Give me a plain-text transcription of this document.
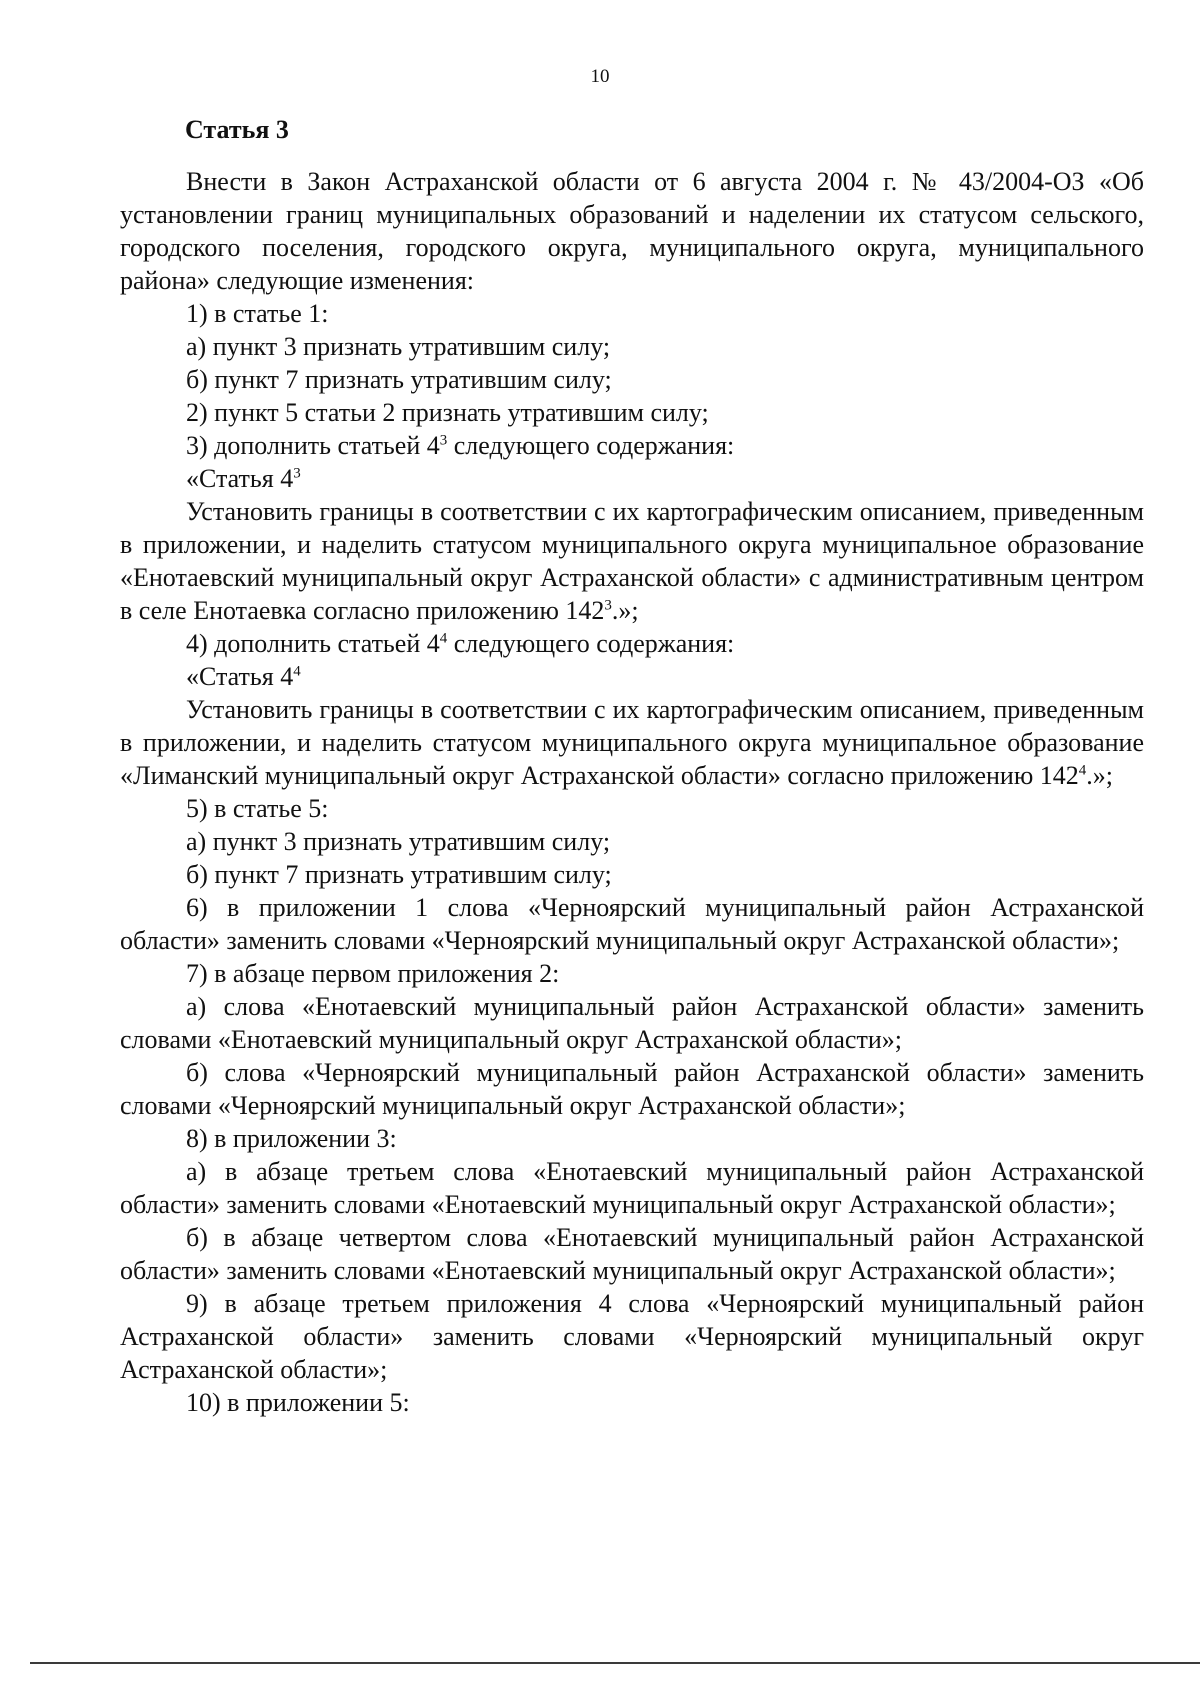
10
Статья 3

Внести в Закон Астраханской области от 6 августа 2004 г. № 43/2004-ОЗ «Об установлении границ муниципальных образований и наделении их статусом сельского, городского поселения, городского округа, муниципального округа, муниципального района» следующие изменения:

1) в статье 1:

а) пункт 3 признать утратившим силу;

б) пункт 7 признать утратившим силу;

2) пункт 5 статьи 2 признать утратившим силу;

3) дополнить статьей $4^3$ следующего содержания:

«Статья $4^3$

Установить границы в соответствии с их картографическим описанием, приведенным в приложении, и наделить статусом муниципального округа муниципальное образование «Енотаевский муниципальный округ Астраханской области» с административным центром в селе Енотаевка согласно приложению $142^3$.»;

4) дополнить статьей $4^4$ следующего содержания:

«Статья $4^4$

Установить границы в соответствии с их картографическим описанием, приведенным в приложении, и наделить статусом муниципального округа муниципальное образование «Лиманский муниципальный округ Астраханской области» согласно приложению $142^4$.»;

5) в статье 5:

а) пункт 3 признать утратившим силу;

б) пункт 7 признать утратившим силу;

6) в приложении 1 слова «Черноярский муниципальный район Астраханской области» заменить словами «Черноярский муниципальный округ Астраханской области»;

7) в абзаце первом приложения 2:

а) слова «Енотаевский муниципальный район Астраханской области» заменить словами «Енотаевский муниципальный округ Астраханской области»;

б) слова «Черноярский муниципальный район Астраханской области» заменить словами «Черноярский муниципальный округ Астраханской области»;

8) в приложении 3:

а) в абзаце третьем слова «Енотаевский муниципальный район Астраханской области» заменить словами «Енотаевский муниципальный округ Астраханской области»;

б) в абзаце четвертом слова «Енотаевский муниципальный район Астраханской области» заменить словами «Енотаевский муниципальный округ Астраханской области»;

9) в абзаце третьем приложения 4 слова «Черноярский муниципальный район Астраханской области» заменить словами «Черноярский муниципальный округ Астраханской области»;

10) в приложении 5:
